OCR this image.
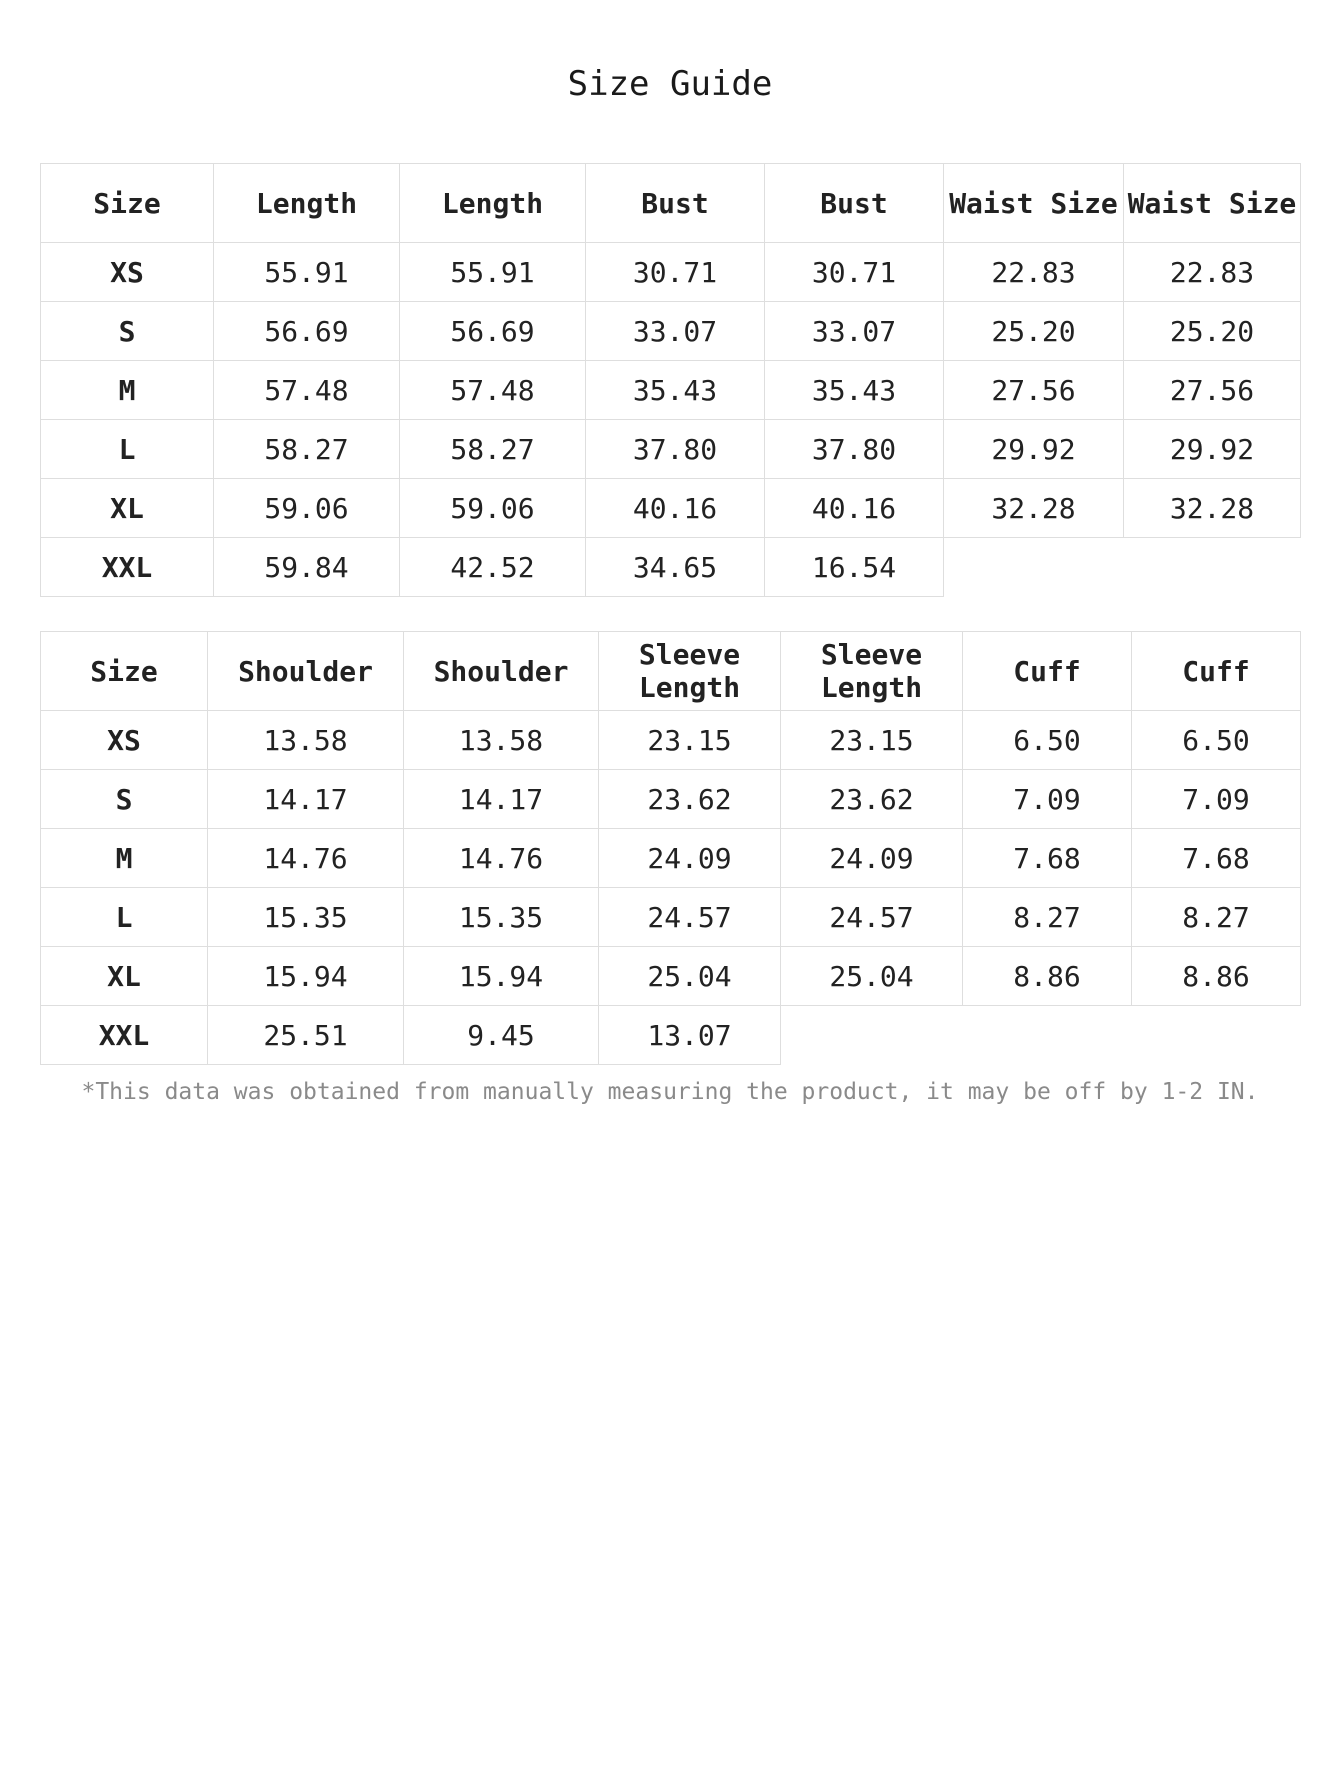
Size Guide
Size	Length	Length	Bust	Bust	Waist Size	Waist Size
XS	55.91	55.91	30.71	30.71	22.83	22.83
S	56.69	56.69	33.07	33.07	25.20	25.20
M	57.48	57.48	35.43	35.43	27.56	27.56
L	58.27	58.27	37.80	37.80	29.92	29.92
XL	59.06	59.06	40.16	40.16	32.28	32.28
XXL	59.84	42.52	34.65	16.54		
Size	Shoulder	Shoulder	Sleeve Length	Sleeve Length	Cuff	Cuff
XS	13.58	13.58	23.15	23.15	6.50	6.50
S	14.17	14.17	23.62	23.62	7.09	7.09
M	14.76	14.76	24.09	24.09	7.68	7.68
L	15.35	15.35	24.57	24.57	8.27	8.27
XL	15.94	15.94	25.04	25.04	8.86	8.86
XXL	25.51	9.45	13.07			

*This data was obtained from manually measuring the product, it may be off by 1-2 IN.
